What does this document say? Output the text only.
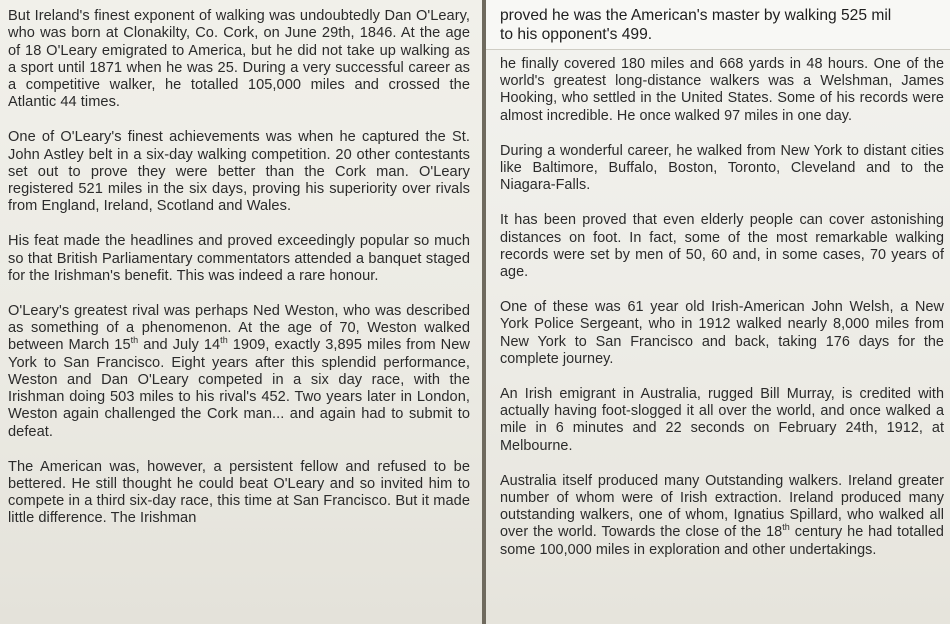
But Ireland's finest exponent of walking was undoubtedly Dan O'Leary, who was born at Clonakilty, Co. Cork, on June 29th, 1846. At the age of 18 O'Leary emigrated to America, but he did not take up walking as a sport until 1871 when he was 25. During a very successful career as a competitive walker, he totalled 105,000 miles and crossed the Atlantic 44 times.

One of O'Leary's finest achievements was when he captured the St. John Astley belt in a six-day walking competition. 20 other contestants set out to prove they were better than the Cork man. O'Leary registered 521 miles in the six days, proving his superiority over rivals from England, Ireland, Scotland and Wales.

His feat made the headlines and proved exceedingly popular so much so that British Parliamentary commentators attended a banquet staged for the Irishman's benefit. This was indeed a rare honour.

O'Leary's greatest rival was perhaps Ned Weston, who was described as something of a phenomenon. At the age of 70, Weston walked between March 15th and July 14th 1909, exactly 3,895 miles from New York to San Francisco. Eight years after this splendid performance, Weston and Dan O'Leary competed in a six day race, with the Irishman doing 503 miles to his rival's 452. Two years later in London, Weston again challenged the Cork man... and again had to submit to defeat.

The American was, however, a persistent fellow and refused to be bettered. He still thought he could beat O'Leary and so invited him to compete in a third six-day race, this time at San Francisco. But it made little difference. The Irishman

proved he was the American's master by walking 525 mil
to his opponent's 499.

he finally covered 180 miles and 668 yards in 48 hours. One of the world's greatest long-distance walkers was a Welshman, James Hooking, who settled in the United States. Some of his records were almost incredible. He once walked 97 miles in one day.

During a wonderful career, he walked from New York to distant cities like Baltimore, Buffalo, Boston, Toronto, Cleveland and to the Niagara-Falls.

It has been proved that even elderly people can cover astonishing distances on foot. In fact, some of the most remarkable walking records were set by men of 50, 60 and, in some cases, 70 years of age.

One of these was 61 year old Irish-American John Welsh, a New York Police Sergeant, who in 1912 walked nearly 8,000 miles from New York to San Francisco and back, taking 176 days for the complete journey.

An Irish emigrant in Australia, rugged Bill Murray, is credited with actually having foot-slogged it all over the world, and once walked a mile in 6 minutes and 22 seconds on February 24th, 1912, at Melbourne.

Australia itself produced many Outstanding walkers. Ireland greater number of whom were of Irish extraction. Ireland produced many outstanding walkers, one of whom, Ignatius Spillard, who walked all over the world. Towards the close of the 18th century he had totalled some 100,000 miles in exploration and other undertakings.
